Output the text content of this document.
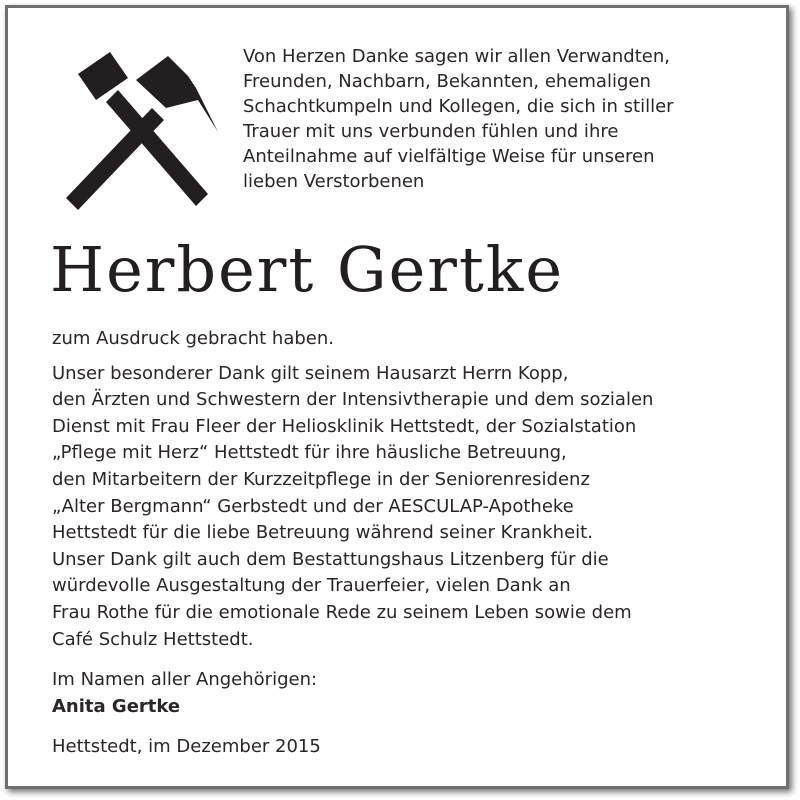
Von Herzen Danke sagen wir allen Verwandten,
Freunden, Nachbarn, Bekannten, ehemaligen
Schachtkumpeln und Kollegen, die sich in stiller
Trauer mit uns verbunden fühlen und ihre
Anteilnahme auf vielfältige Weise für unseren
lieben Verstorbenen
Herbert Gertke
zum Ausdruck gebracht haben.
Unser besonderer Dank gilt seinem Hausarzt Herrn Kopp,
den Ärzten und Schwestern der Intensivtherapie und dem sozialen
Dienst mit Frau Fleer der Heliosklinik Hettstedt, der Sozialstation
„Pflege mit Herz“ Hettstedt für ihre häusliche Betreuung,
den Mitarbeitern der Kurzzeitpflege in der Seniorenresidenz
„Alter Bergmann“ Gerbstedt und der AESCULAP-Apotheke
Hettstedt für die liebe Betreuung während seiner Krankheit.
Unser Dank gilt auch dem Bestattungshaus Litzenberg für die
würdevolle Ausgestaltung der Trauerfeier, vielen Dank an
Frau Rothe für die emotionale Rede zu seinem Leben sowie dem
Café Schulz Hettstedt.
Im Namen aller Angehörigen:
Anita Gertke
Hettstedt, im Dezember 2015
